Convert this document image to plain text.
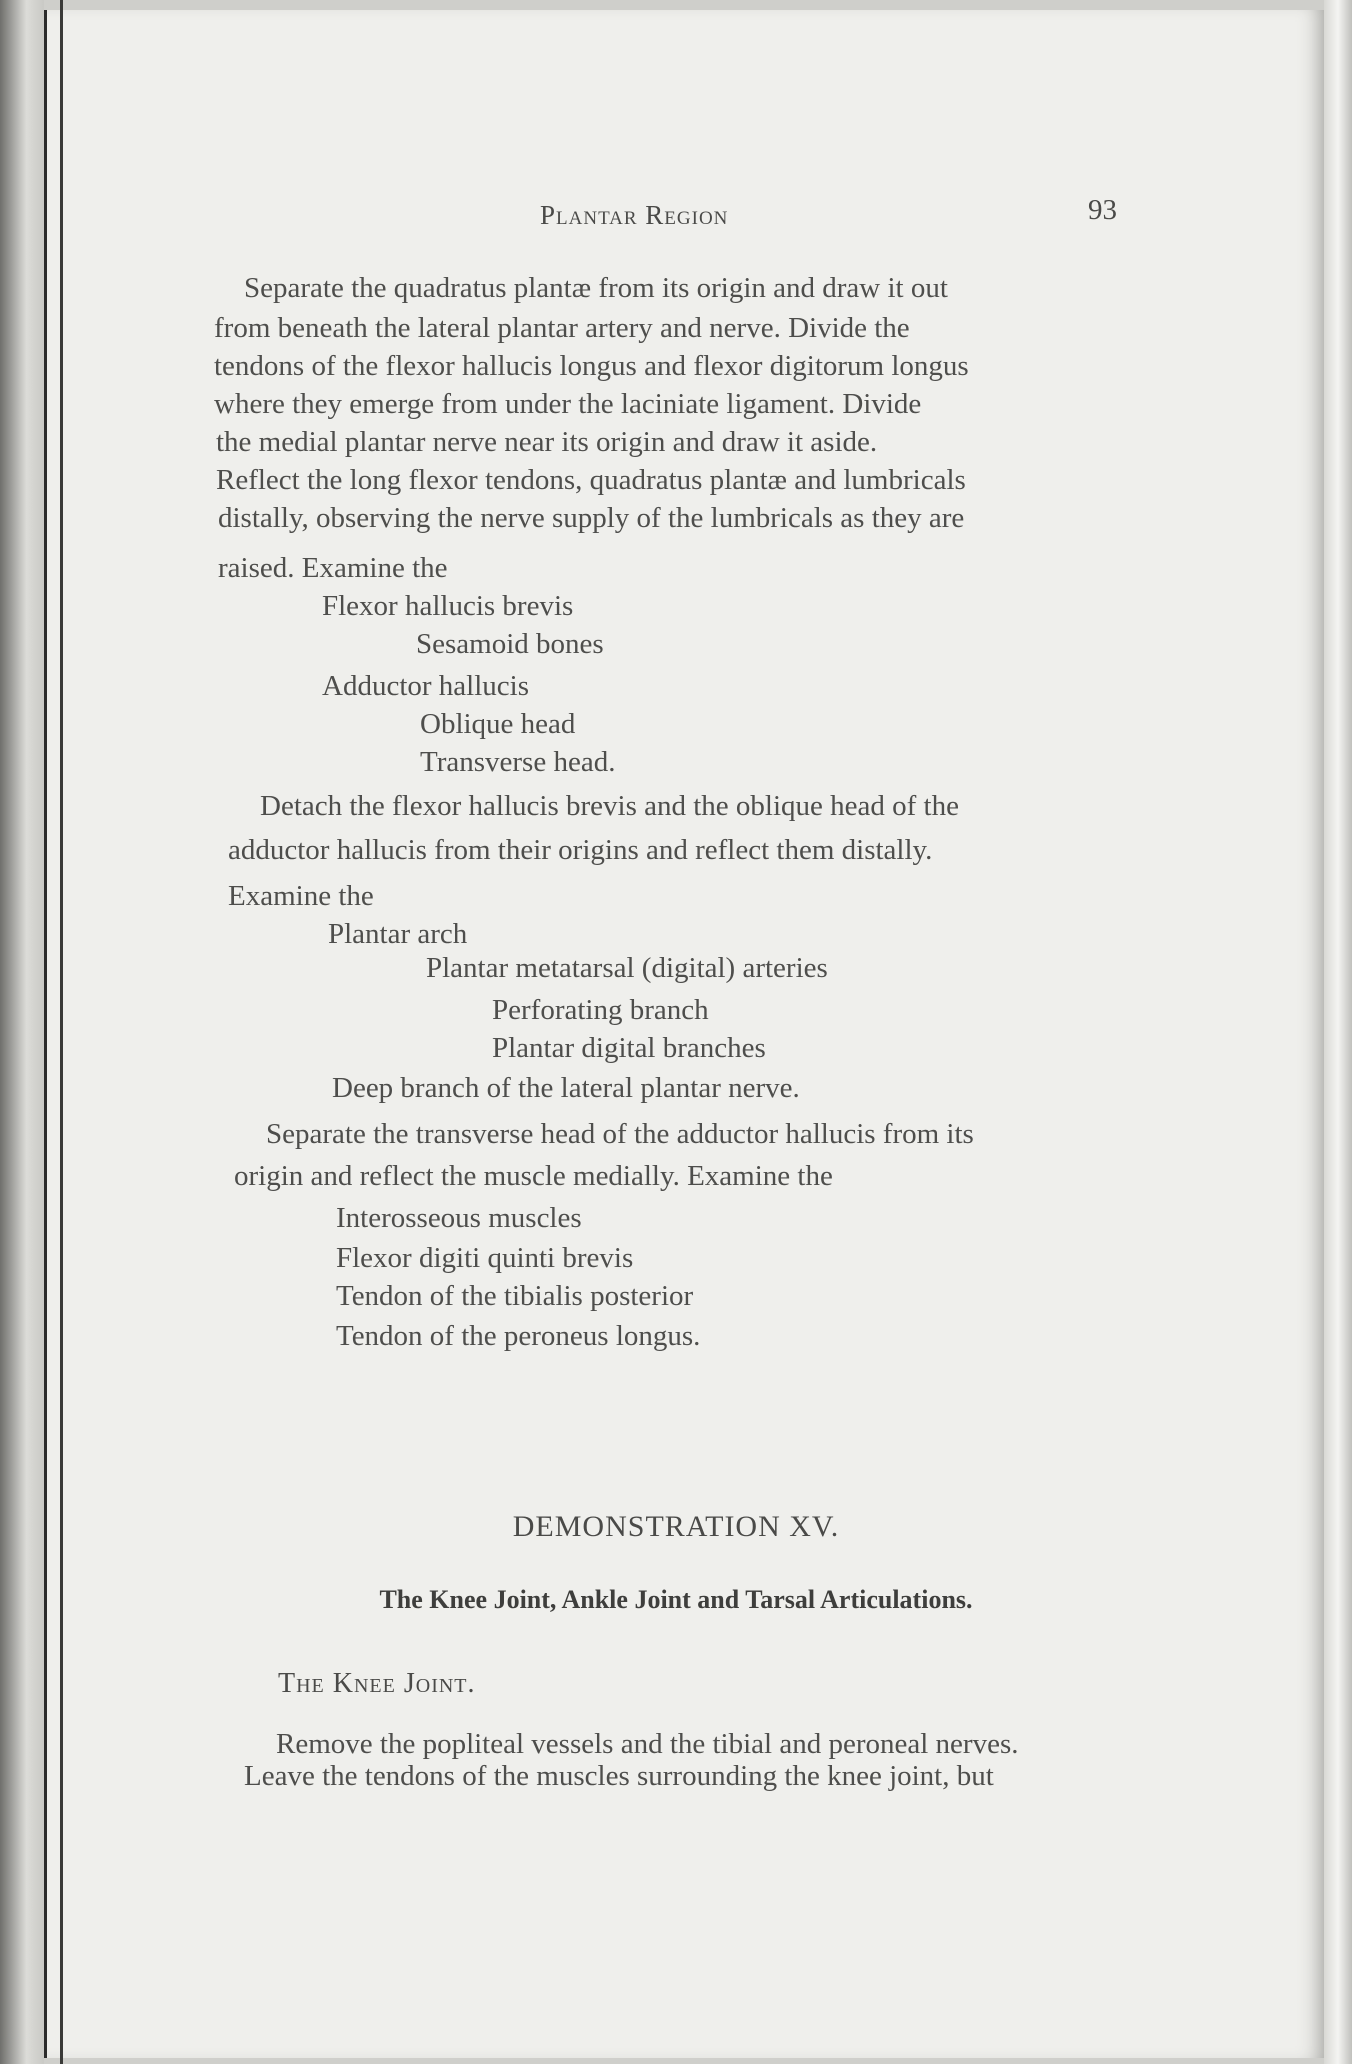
Plantar Region	93
Separate the quadratus plantæ from its origin and draw it out
from beneath the lateral plantar artery and nerve. Divide the
tendons of the flexor hallucis longus and flexor digitorum longus
where they emerge from under the laciniate ligament. Divide
the medial plantar nerve near its origin and draw it aside.
Reflect the long flexor tendons, quadratus plantæ and lumbricals
distally, observing the nerve supply of the lumbricals as they are
raised. Examine the
Flexor hallucis brevis
Sesamoid bones
Adductor hallucis
Oblique head
Transverse head.
Detach the flexor hallucis brevis and the oblique head of the
adductor hallucis from their origins and reflect them distally.
Examine the
Plantar arch
Plantar metatarsal (digital) arteries
Perforating branch
Plantar digital branches
Deep branch of the lateral plantar nerve.
Separate the transverse head of the adductor hallucis from its
origin and reflect the muscle medially. Examine the
Interosseous muscles
Flexor digiti quinti brevis
Tendon of the tibialis posterior
Tendon of the peroneus longus.
DEMONSTRATION XV.
The Knee Joint, Ankle Joint and Tarsal Articulations.
The Knee Joint.
Remove the popliteal vessels and the tibial and peroneal nerves.
Leave the tendons of the muscles surrounding the knee joint, but
